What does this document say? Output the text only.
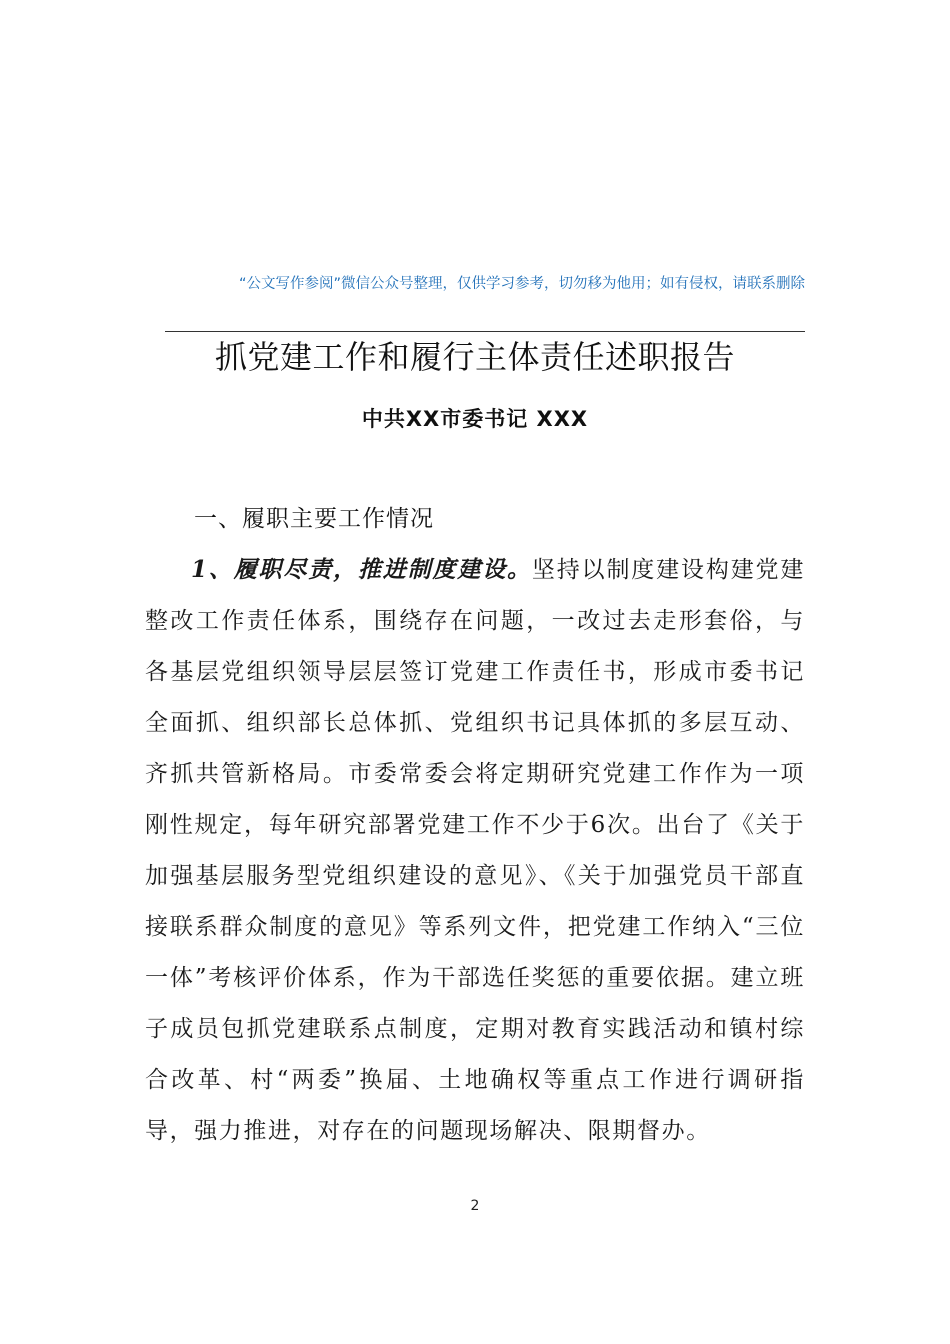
“公文写作参阅”微信公众号整理，仅供学习参考，切勿移为他用；如有侵权，请联系删除
抓党建工作和履行主体责任述职报告
中共XX市委书记 XXX
一、履职主要工作情况

1、履职尽责，推进制度建设。坚持以制度建设构建党建整改工作责任体系，围绕存在问题，一改过去走形套俗，与各基层党组织领导层层签订党建工作责任书，形成市委书记全面抓、组织部长总体抓、党组织书记具体抓的多层互动、齐抓共管新格局。市委常委会将定期研究党建工作作为一项刚性规定，每年研究部署党建工作不少于6次。出台了《关于加强基层服务型党组织建设的意见》、《关于加强党员干部直接联系群众制度的意见》等系列文件，把党建工作纳入“三位一体”考核评价体系，作为干部选任奖惩的重要依据。建立班子成员包抓党建联系点制度，定期对教育实践活动和镇村综合改革、村“两委”换届、土地确权等重点工作进行调研指导，强力推进，对存在的问题现场解决、限期督办。

2
